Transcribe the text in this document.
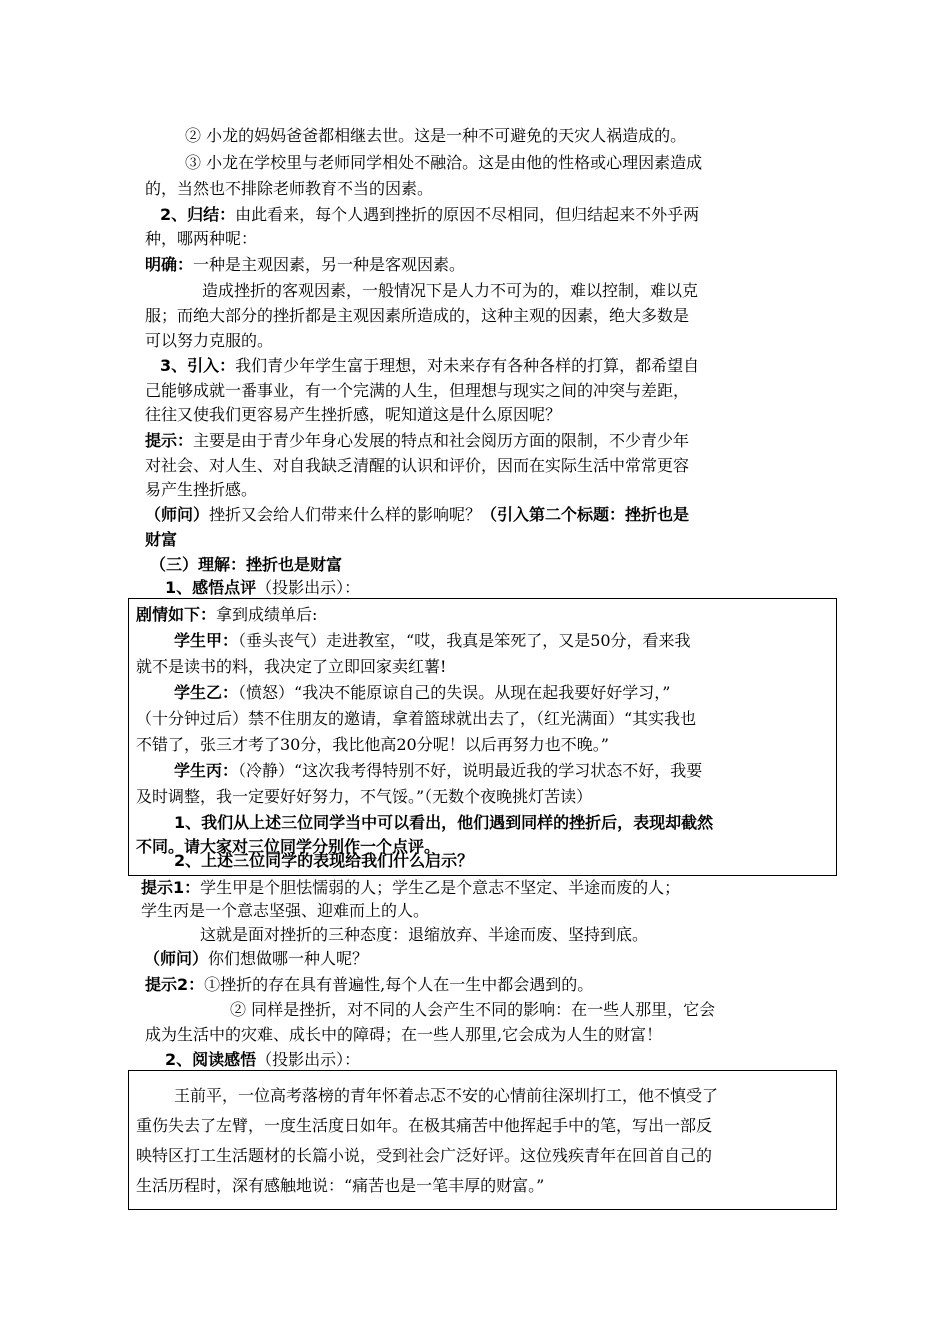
② 小龙的妈妈爸爸都相继去世。这是一种不可避免的天灾人祸造成的。
③ 小龙在学校里与老师同学相处不融洽。这是由他的性格或心理因素造成
的，当然也不排除老师教育不当的因素。
2、归结：由此看来，每个人遇到挫折的原因不尽相同，但归结起来不外乎两
种，哪两种呢：
明确：一种是主观因素，另一种是客观因素。
造成挫折的客观因素，一般情况下是人力不可为的，难以控制，难以克
服；而绝大部分的挫折都是主观因素所造成的，这种主观的因素，绝大多数是
可以努力克服的。
3、引入：我们青少年学生富于理想，对未来存有各种各样的打算，都希望自
己能够成就一番事业，有一个完满的人生，但理想与现实之间的冲突与差距，
往往又使我们更容易产生挫折感，呢知道这是什么原因呢？
提示：主要是由于青少年身心发展的特点和社会阅历方面的限制，不少青少年
对社会、对人生、对自我缺乏清醒的认识和评价，因而在实际生活中常常更容
易产生挫折感。
（师问）挫折又会给人们带来什么样的影响呢？（引入第二个标题：挫折也是
财富
（三）理解：挫折也是财富
1、感悟点评（投影出示）：
剧情如下：拿到成绩单后:
学生甲：（垂头丧气）走进教室，“哎，我真是笨死了，又是50分，看来我
就不是读书的料，我决定了立即回家卖红薯!
学生乙：（愤怒）“我决不能原谅自己的失误。从现在起我要好好学习，”
（十分钟过后）禁不住朋友的邀请，拿着篮球就出去了，（红光满面）“其实我也
不错了，张三才考了30分，我比他高20分呢！以后再努力也不晚。”
学生丙：（冷静）“这次我考得特别不好，说明最近我的学习状态不好，我要
及时调整，我一定要好好努力，不气馁。”（无数个夜晚挑灯苦读）
1、我们从上述三位同学当中可以看出，他们遇到同样的挫折后，表现却截然
不同。请大家对三位同学分别作一个点评。
2、上述三位同学的表现给我们什么启示？
提示1：学生甲是个胆怯懦弱的人；学生乙是个意志不坚定、半途而废的人；
学生丙是一个意志坚强、迎难而上的人。
这就是面对挫折的三种态度：退缩放弃、半途而废、坚持到底。
（师问）你们想做哪一种人呢？
提示2：①挫折的存在具有普遍性,每个人在一生中都会遇到的。
② 同样是挫折，对不同的人会产生不同的影响：在一些人那里，它会
成为生活中的灾难、成长中的障碍；在一些人那里,它会成为人生的财富！
2、阅读感悟（投影出示）：
王前平，一位高考落榜的青年怀着忐忑不安的心情前往深圳打工，他不慎受了
重伤失去了左臂，一度生活度日如年。在极其痛苦中他挥起手中的笔，写出一部反
映特区打工生活题材的长篇小说，受到社会广泛好评。这位残疾青年在回首自己的
生活历程时，深有感触地说：“痛苦也是一笔丰厚的财富。”
